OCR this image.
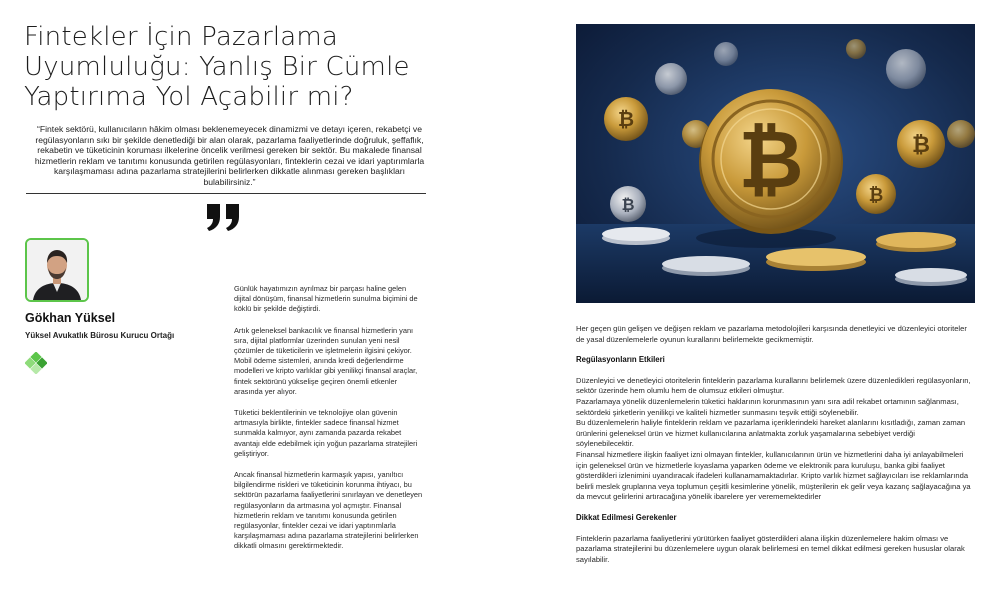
Fintekler İçin Pazarlama
Uyumluluğu: Yanlış Bir Cümle
Yaptırıma Yol Açabilir mi?

“Fintek sektörü, kullanıcıların hâkim olması beklenemeyecek dinamizmi ve detayı içeren, rekabetçi ve regülasyonların sıkı bir şekilde denetlediği bir alan olarak, pazarlama faaliyetlerinde doğruluk, şeffaflık, rekabetin ve tüketicinin koruması ilkelerine öncelik verilmesi gereken bir sektör. Bu makalede finansal hizmetlerin reklam ve tanıtımı konusunda getirilen regülasyonları, finteklerin cezai ve idari yaptırımlarla karşılaşmaması adına pazarlama stratejilerini belirlerken dikkatle alınması gereken başlıkları bulabilirsiniz.”

Gökhan Yüksel

Yüksel Avukatlık Bürosu Kurucu Ortağı

Günlük hayatımızın ayrılmaz bir parçası haline gelen dijital dönüşüm, finansal hizmetlerin sunulma biçimini de köklü bir şekilde değiştirdi.

Artık geleneksel bankacılık ve finansal hizmetlerin yanı sıra, dijital platformlar üzerinden sunulan yeni nesil çözümler de tüketicilerin ve işletmelerin ilgisini çekiyor. Mobil ödeme sistemleri, anında kredi değerlendirme modelleri ve kripto varlıklar gibi yenilikçi finansal araçlar, fintek sektörünü yükselişe geçiren önemli etkenler arasında yer alıyor.

Tüketici beklentilerinin ve teknolojiye olan güvenin artmasıyla birlikte, fintekler sadece finansal hizmet sunmakla kalmıyor, aynı zamanda pazarda rekabet avantajı elde edebilmek için yoğun pazarlama stratejileri geliştiriyor.

Ancak finansal hizmetlerin karmaşık yapısı, yanıltıcı bilgilendirme riskleri ve tüketicinin korunma ihtiyacı, bu sektörün pazarlama faaliyetlerini sınırlayan ve denetleyen regülasyonların da artmasına yol açmıştır. Finansal hizmetlerin reklam ve tanıtımı konusunda getirilen regülasyonlar, fintekler cezai ve idari yaptırımlarla karşılaşmaması adına pazarlama stratejilerini belirlerken dikkatli olmasını gerektirmektedir.

₿
₿
₿
₿ ₿

Her geçen gün gelişen ve değişen reklam ve pazarlama metodolojileri karşısında denetleyici ve düzenleyici otoriteler de yasal düzenlemelerle oyunun kurallarını belirlemekte gecikmemiştir.

Regülasyonların Etkileri

Düzenleyici ve denetleyici otoritelerin finteklerin pazarlama kurallarını belirlemek üzere düzenledikleri regülasyonların, sektör üzerinde hem olumlu hem de olumsuz etkileri olmuştur.

Pazarlamaya yönelik düzenlemelerin tüketici haklarının korunmasının yanı sıra adil rekabet ortamının sağlanması, sektördeki şirketlerin yenilikçi ve kaliteli hizmetler sunmasını teşvik ettiği söylenebilir.

Bu düzenlemelerin haliyle finteklerin reklam ve pazarlama içeriklerindeki hareket alanlarını kısıtladığı, zaman zaman ürünlerini geleneksel ürün ve hizmet kullanıcılarına anlatmakta zorluk yaşamalarına sebebiyet verdiği söylenebilecektir.

Finansal hizmetlere ilişkin faaliyet izni olmayan fintekler, kullanıcılarının ürün ve hizmetlerini daha iyi anlayabilmeleri için geleneksel ürün ve hizmetlerle kıyaslama yaparken ödeme ve elektronik para kuruluşu, banka gibi faaliyet gösterdikleri izlenimini uyandıracak ifadeleri kullanamamaktadırlar. Kripto varlık hizmet sağlayıcıları ise reklamlarında belirli meslek gruplarına veya toplumun çeşitli kesimlerine yönelik, müşterilerin ek gelir veya kazanç sağlayacağına ya da mevcut gelirlerini artıracağına yönelik ibarelere yer verememektedirler

Dikkat Edilmesi Gerekenler

Finteklerin pazarlama faaliyetlerini yürütürken faaliyet gösterdikleri alana ilişkin düzenlemelere hakim olması ve pazarlama stratejilerini bu düzenlemelere uygun olarak belirlemesi en temel dikkat edilmesi gereken hususlar olarak sayılabilir.
